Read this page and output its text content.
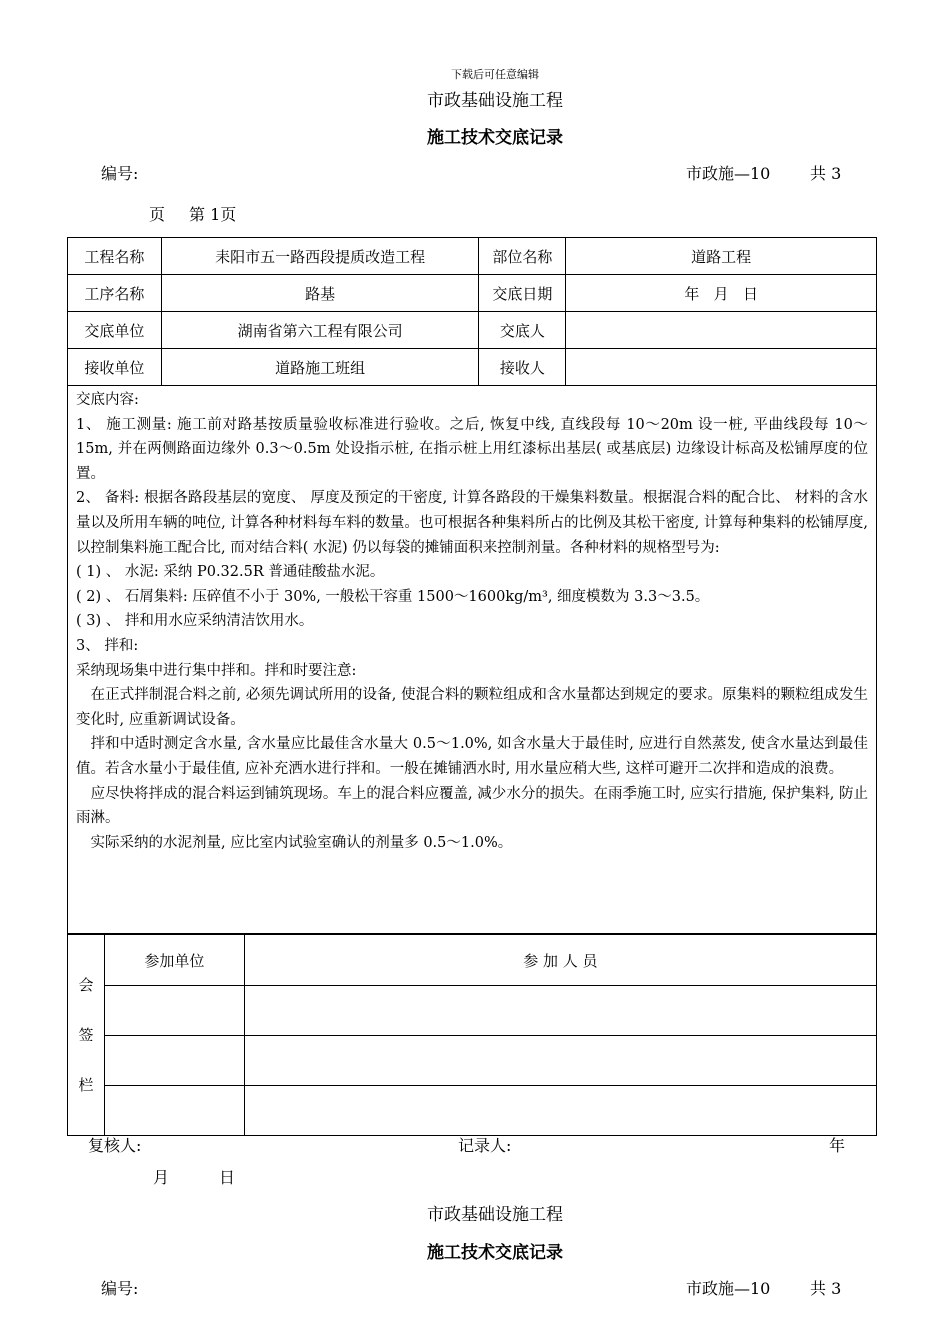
下载后可任意编辑
市政基础设施工程
施工技术交底记录
编号:	市政施—10 共 3
页 第 1页
工程名称	耒阳市五一路西段提质改造工程	部位名称	道路工程
工序名称	路基	交底日期	年   月   日
交底单位	湖南省第六工程有限公司	交底人	
接收单位	道路施工班组	接收人	

交底内容:

1、 施工测量: 施工前对路基按质量验收标准进行验收。之后, 恢复中线, 直线段每 10～20m 设一桩, 平曲线段每 10～15m, 并在两侧路面边缘外 0.3～0.5m 处设指示桩, 在指示桩上用红漆标出基层( 或基底层) 边缘设计标高及松铺厚度的位置。

2、 备料: 根据各路段基层的宽度、 厚度及预定的干密度, 计算各路段的干燥集料数量。根据混合料的配合比、 材料的含水量以及所用车辆的吨位, 计算各种材料每车料的数量。也可根据各种集料所占的比例及其松干密度, 计算每种集料的松铺厚度, 以控制集料施工配合比, 而对结合料( 水泥) 仍以每袋的摊铺面积来控制剂量。各种材料的规格型号为:

( 1) 、 水泥: 采纳 P0.32.5R 普通硅酸盐水泥。

( 2) 、 石屑集料: 压碎值不小于 30%, 一般松干容重 1500～1600kg/m³, 细度模数为 3.3～3.5。

( 3) 、 拌和用水应采纳清洁饮用水。

3、 拌和:

采纳现场集中进行集中拌和。拌和时要注意:

在正式拌制混合料之前, 必须先调试所用的设备, 使混合料的颗粒组成和含水量都达到规定的要求。原集料的颗粒组成发生变化时, 应重新调试设备。

拌和中适时测定含水量, 含水量应比最佳含水量大 0.5～1.0%, 如含水量大于最佳时, 应进行自然蒸发, 使含水量达到最佳值。若含水量小于最佳值, 应补充洒水进行拌和。一般在摊铺洒水时, 用水量应稍大些, 这样可避开二次拌和造成的浪费。

应尽快将拌成的混合料运到铺筑现场。车上的混合料应覆盖, 减少水分的损失。在雨季施工时, 应实行措施, 保护集料, 防止雨淋。

实际采纳的水泥剂量, 应比室内试验室确认的剂量多 0.5～1.0%。

会
签
栏	参加单位	参 加 人 员

复核人:	记录人:	年
月	日
市政基础设施工程
施工技术交底记录
编号:	市政施—10 共 3
